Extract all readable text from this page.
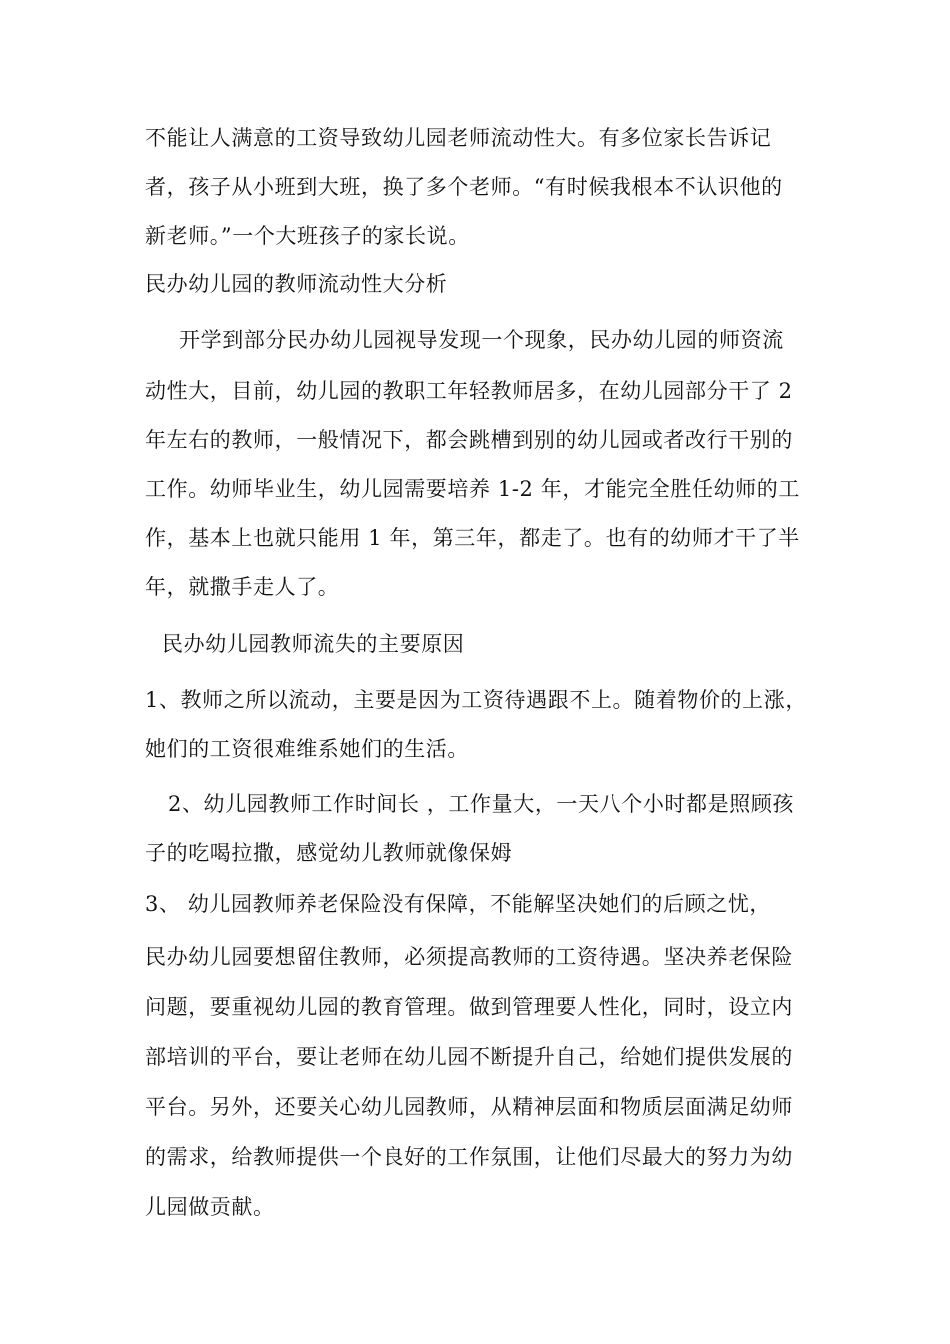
不能让人满意的工资导致幼儿园老师流动性大。有多位家长告诉记
者，孩子从小班到大班，换了多个老师。“有时候我根本不认识他的
新老师。”一个大班孩子的家长说。
民办幼儿园的教师流动性大分析
开学到部分民办幼儿园视导发现一个现象，民办幼儿园的师资流
动性大，目前，幼儿园的教职工年轻教师居多，在幼儿园部分干了 2
年左右的教师，一般情况下，都会跳槽到别的幼儿园或者改行干别的
工作。幼师毕业生，幼儿园需要培养 1-2 年，才能完全胜任幼师的工
作，基本上也就只能用 1 年，第三年，都走了。也有的幼师才干了半
年，就撒手走人了。
民办幼儿园教师流失的主要原因
1、教师之所以流动，主要是因为工资待遇跟不上。随着物价的上涨，
她们的工资很难维系她们的生活。
2、幼儿园教师工作时间长 ，工作量大，一天八个小时都是照顾孩
子的吃喝拉撒，感觉幼儿教师就像保姆
3、 幼儿园教师养老保险没有保障，不能解坚决她们的后顾之忧，
民办幼儿园要想留住教师，必须提高教师的工资待遇。坚决养老保险
问题，要重视幼儿园的教育管理。做到管理要人性化，同时，设立内
部培训的平台，要让老师在幼儿园不断提升自己，给她们提供发展的
平台。另外，还要关心幼儿园教师，从精神层面和物质层面满足幼师
的需求，给教师提供一个良好的工作氛围，让他们尽最大的努力为幼
儿园做贡献。
